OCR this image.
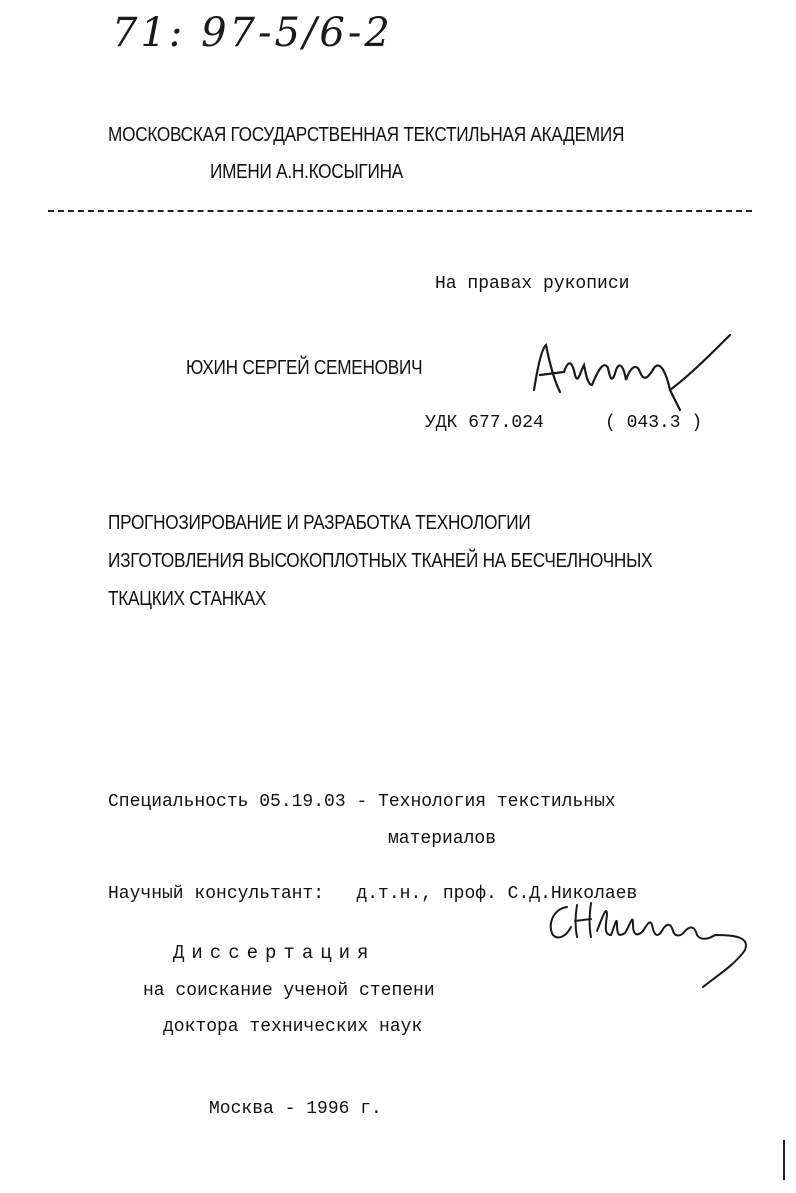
71: 97-5/6-2
МОСКОВСКАЯ ГОСУДАРСТВЕННАЯ ТЕКСТИЛЬНАЯ АКАДЕМИЯ
ИМЕНИ А.Н.КОСЫГИНА
На правах рукописи
ЮХИН СЕРГЕЙ СЕМЕНОВИЧ
УДК 677.024	( 043.3 )
ПРОГНОЗИРОВАНИЕ И РАЗРАБОТКА ТЕХНОЛОГИИ
ИЗГОТОВЛЕНИЯ ВЫСОКОПЛОТНЫХ ТКАНЕЙ НА БЕСЧЕЛНОЧНЫХ
ТКАЦКИХ СТАНКАХ
Специальность 05.19.03 - Технология текстильных
материалов
Научный консультант:   д.т.н., проф. С.Д.Николаев
Диссертация
на соискание ученой степени
доктора технических наук
Москва - 1996 г.
